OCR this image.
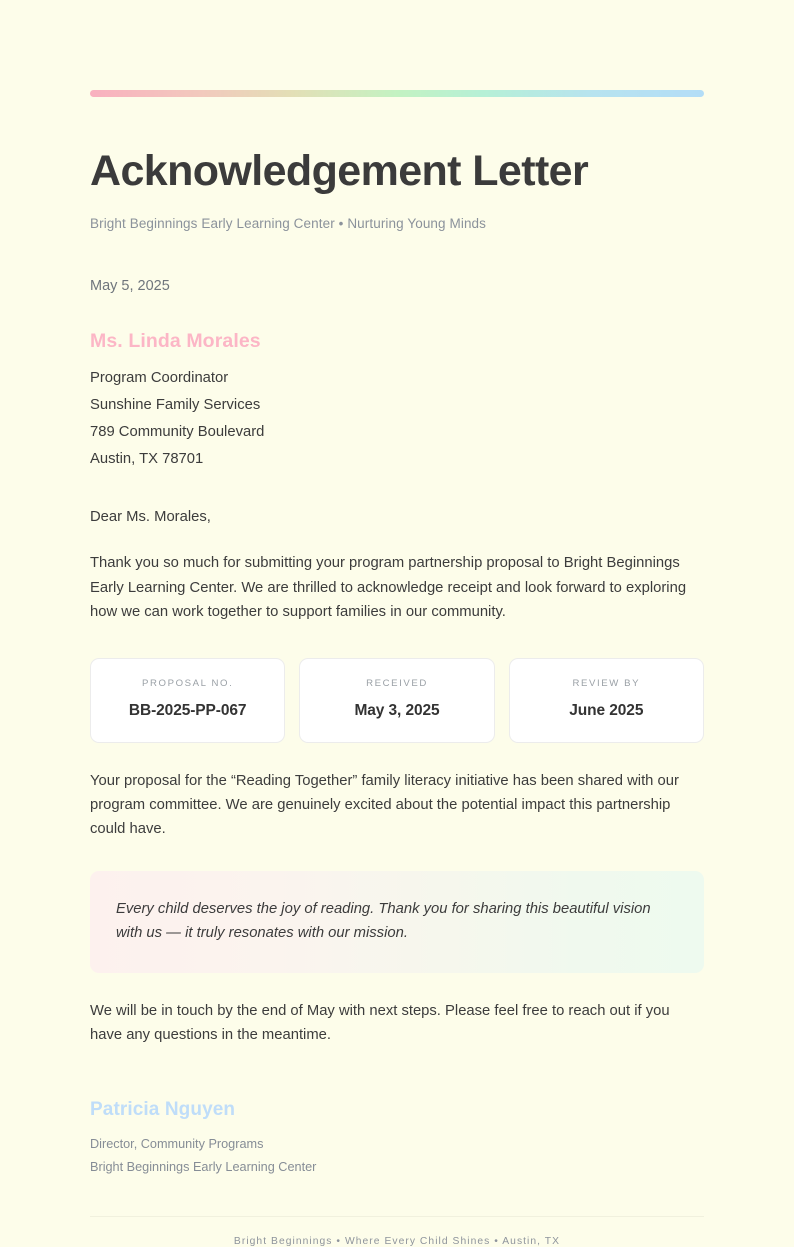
Acknowledgement Letter

Bright Beginnings Early Learning Center • Nurturing Young Minds

May 5, 2025
Ms. Linda Morales
Program Coordinator
Sunshine Family Services
789 Community Boulevard
Austin, TX 78701
Dear Ms. Morales,

Thank you so much for submitting your program partnership proposal to Bright Beginnings Early Learning Center. We are thrilled to acknowledge receipt and look forward to exploring how we can work together to support families in our community.

PROPOSAL NO.
BB-2025-PP-067
RECEIVED
May 3, 2025
REVIEW BY
June 2025

Your proposal for the “Reading Together” family literacy initiative has been shared with our program committee. We are genuinely excited about the potential impact this partnership could have.

Every child deserves the joy of reading. Thank you for sharing this beautiful vision with us — it truly resonates with our mission.

We will be in touch by the end of May with next steps. Please feel free to reach out if you have any questions in the meantime.

Patricia Nguyen
Director, Community Programs
Bright Beginnings Early Learning Center
Bright Beginnings • Where Every Child Shines • Austin, TX
